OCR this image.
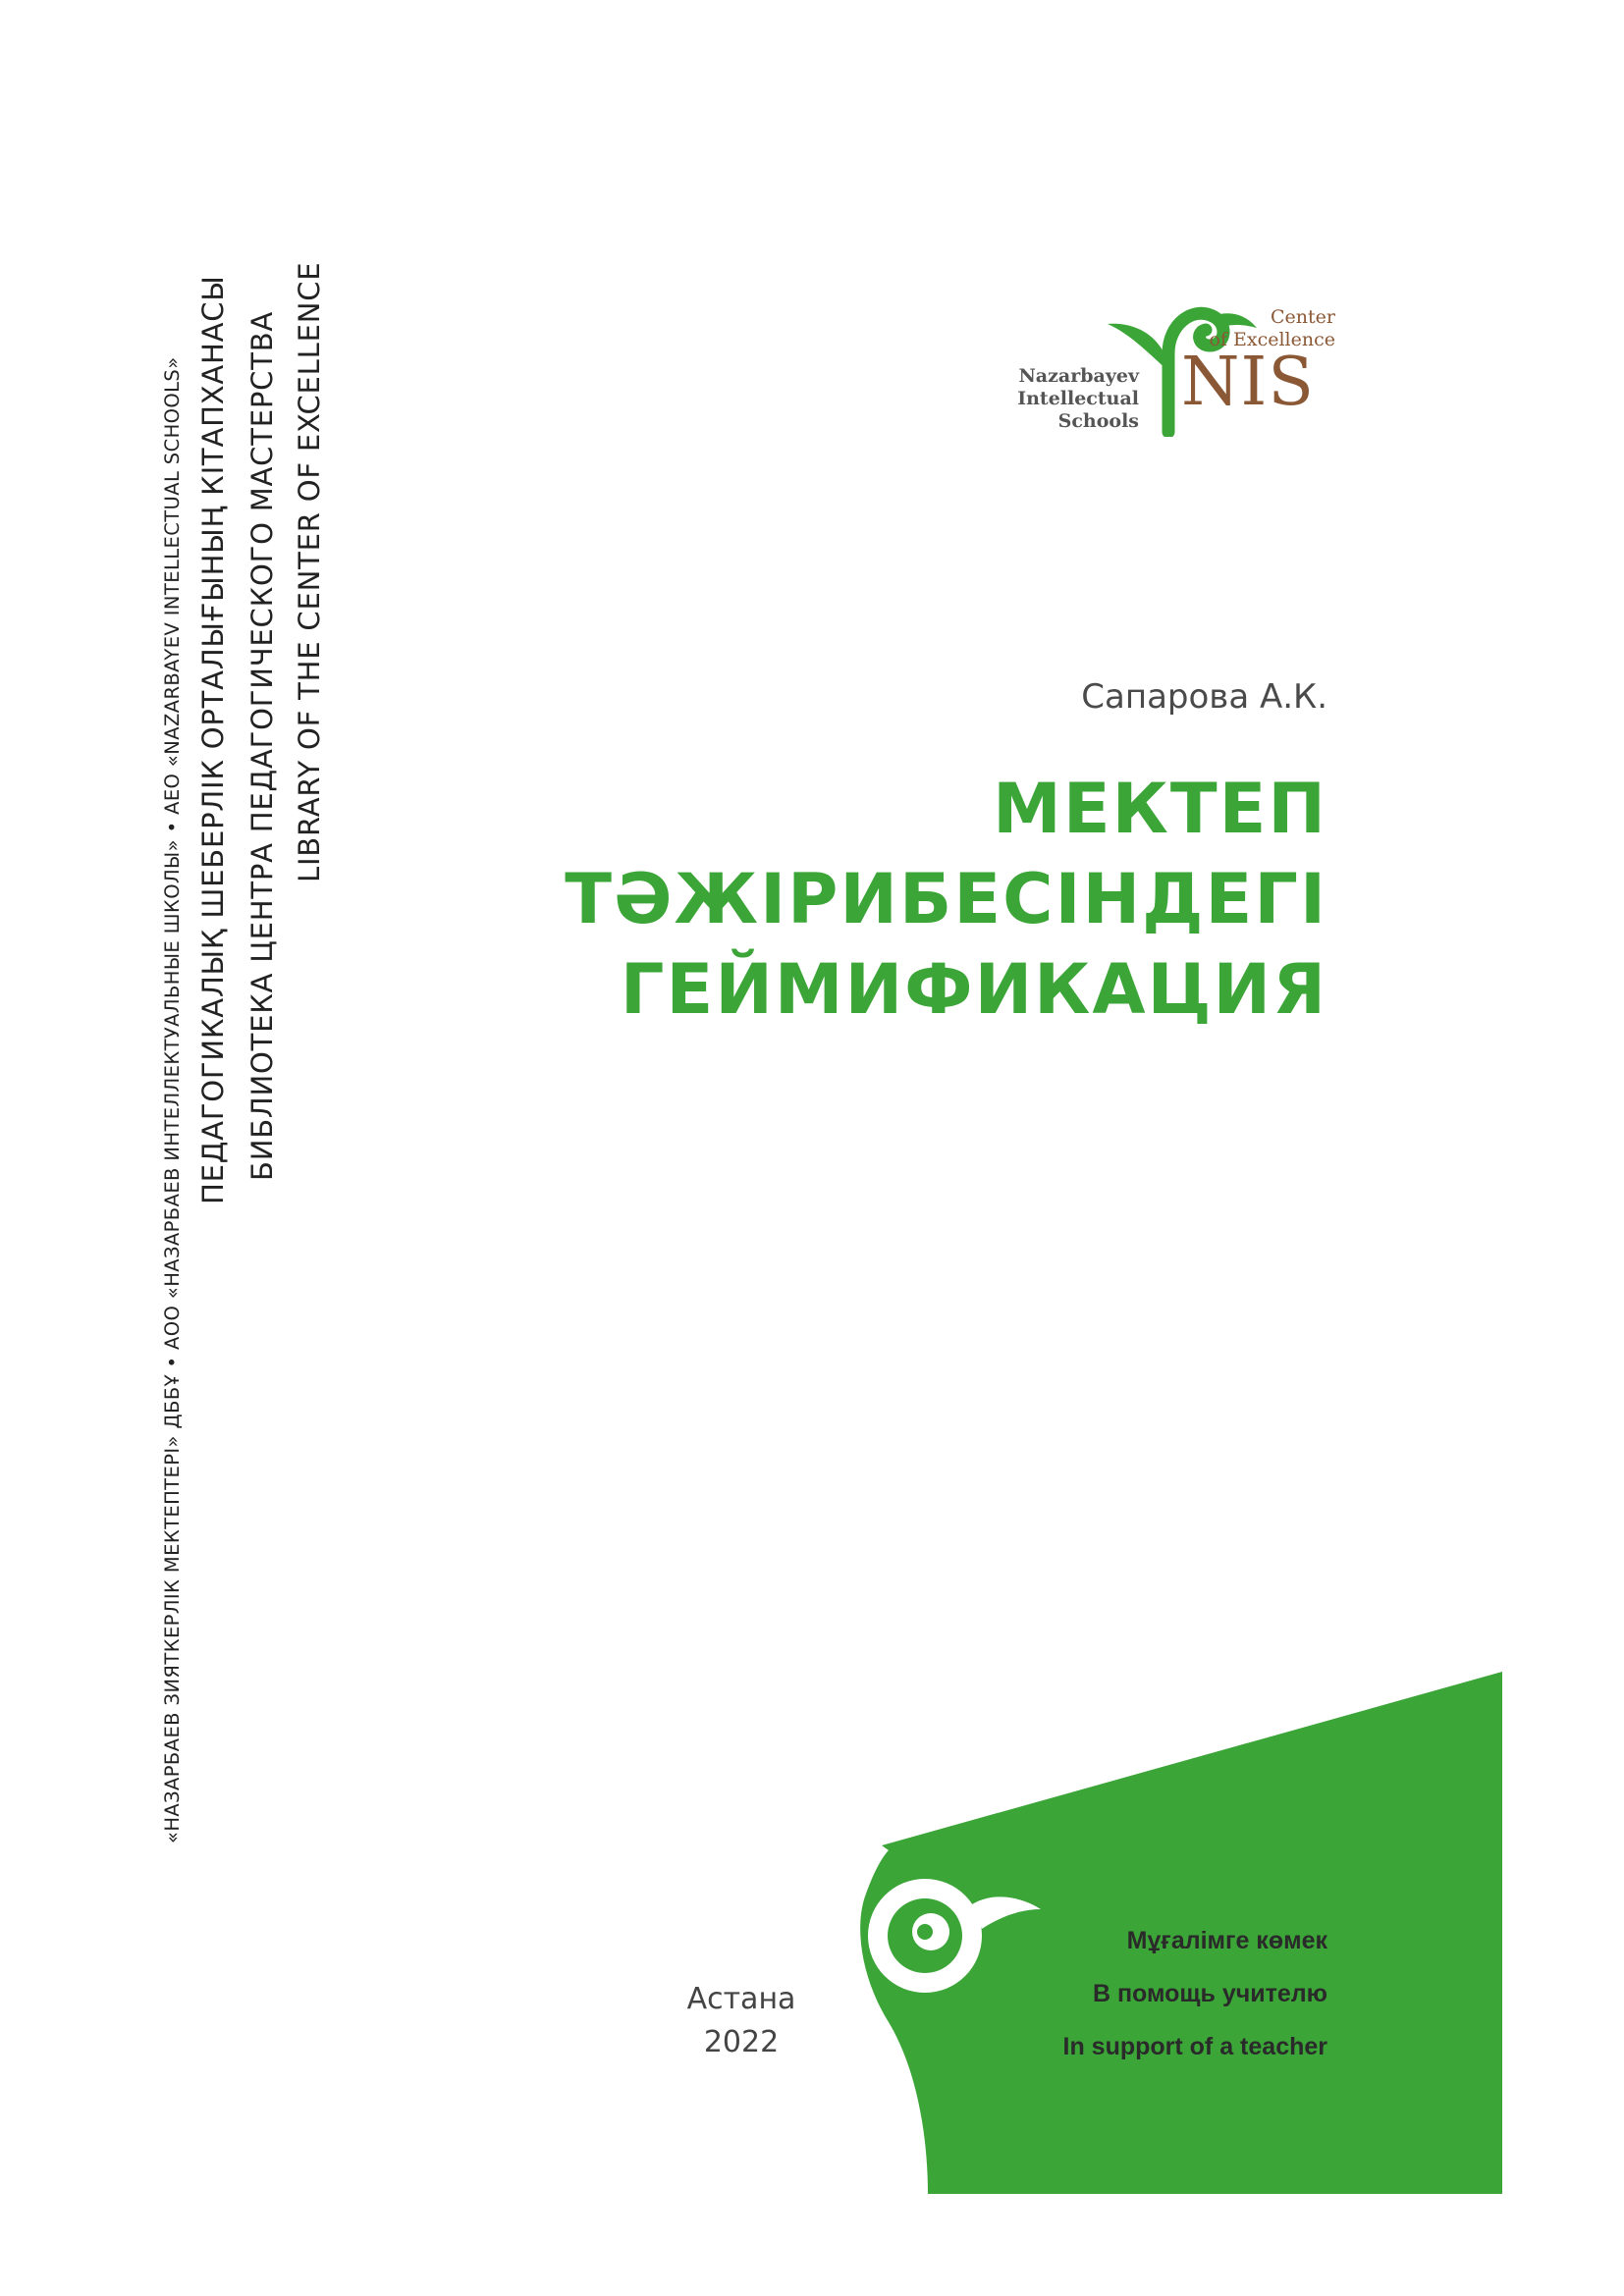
«НАЗАРБАЕВ ЗИЯТКЕРЛІК МЕКТЕПТЕРІ» ДББҰ • АОО «НАЗАРБАЕВ ИНТЕЛЛЕКТУАЛЬНЫЕ ШКОЛЫ» • AEO «NAZARBAYEV INTELLECTUAL SCHOOLS» ПЕДАГОГИКАЛЫҚ ШЕБЕРЛІК ОРТАЛЫҒЫНЫҢ КІТАПХАНАСЫ БИБЛИОТЕКА ЦЕНТРА ПЕДАГОГИЧЕСКОГО МАСТЕРСТВА LIBRARY OF THE CENTER OF EXCELLENCE	Center
of Excellence
Nazarbayev
Intellectual
Schools NIS
Сапарова А.К.
МЕКТЕП
ТӘЖІРИБЕСІНДЕГІ
ГЕЙМИФИКАЦИЯ
Мұғалімге көмек
В помощь учителю
In support of a teacher
Астана
2022
